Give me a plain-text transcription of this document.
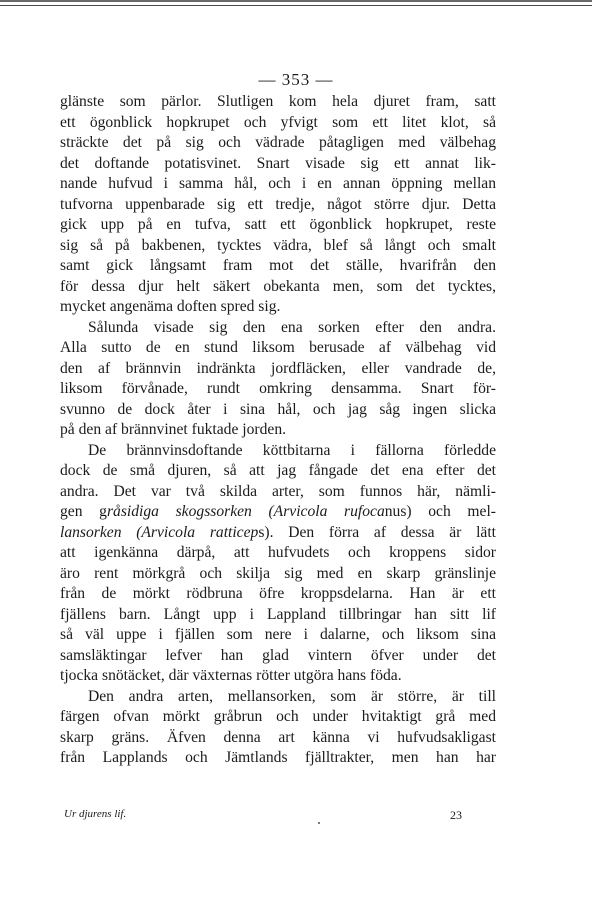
— 353 —
glänste som pärlor. Slutligen kom hela djuret fram, satt
ett ögonblick hopkrupet och yfvigt som ett litet klot, så
sträckte det på sig och vädrade påtagligen med välbehag
det doftande potatisvinet. Snart visade sig ett annat lik-
nande hufvud i samma hål, och i en annan öppning mellan
tufvorna uppenbarade sig ett tredje, något större djur. Detta
gick upp på en tufva, satt ett ögonblick hopkrupet, reste
sig så på bakbenen, tycktes vädra, blef så långt och smalt
samt gick långsamt fram mot det ställe, hvarifrån den
för dessa djur helt säkert obekanta men, som det tycktes,
mycket angenäma doften spred sig.
Sålunda visade sig den ena sorken efter den andra.
Alla sutto de en stund liksom berusade af välbehag vid
den af brännvin indränkta jordfläcken, eller vandrade de,
liksom förvånade, rundt omkring densamma. Snart för-
svunno de dock åter i sina hål, och jag såg ingen slicka
på den af brännvinet fuktade jorden.
De brännvinsdoftande köttbitarna i fällorna förledde
dock de små djuren, så att jag fångade det ena efter det
andra. Det var två skilda arter, som funnos här, nämli-
gen gråsidiga skogssorken (Arvicola rufocanus) och mel-
lansorken (Arvicola ratticeps). Den förra af dessa är lätt
att igenkänna därpå, att hufvudets och kroppens sidor
äro rent mörkgrå och skilja sig med en skarp gränslinje
från de mörkt rödbruna öfre kroppsdelarna. Han är ett
fjällens barn. Långt upp i Lappland tillbringar han sitt lif
så väl uppe i fjällen som nere i dalarne, och liksom sina
samsläktingar lefver han glad vintern öfver under det
tjocka snötäcket, där växternas rötter utgöra hans föda.
Den andra arten, mellansorken, som är större, är till
färgen ofvan mörkt gråbrun och under hvitaktigt grå med
skarp gräns. Äfven denna art känna vi hufvudsakligast
från Lapplands och Jämtlands fjälltrakter, men han har
Ur djurens lif.	23
